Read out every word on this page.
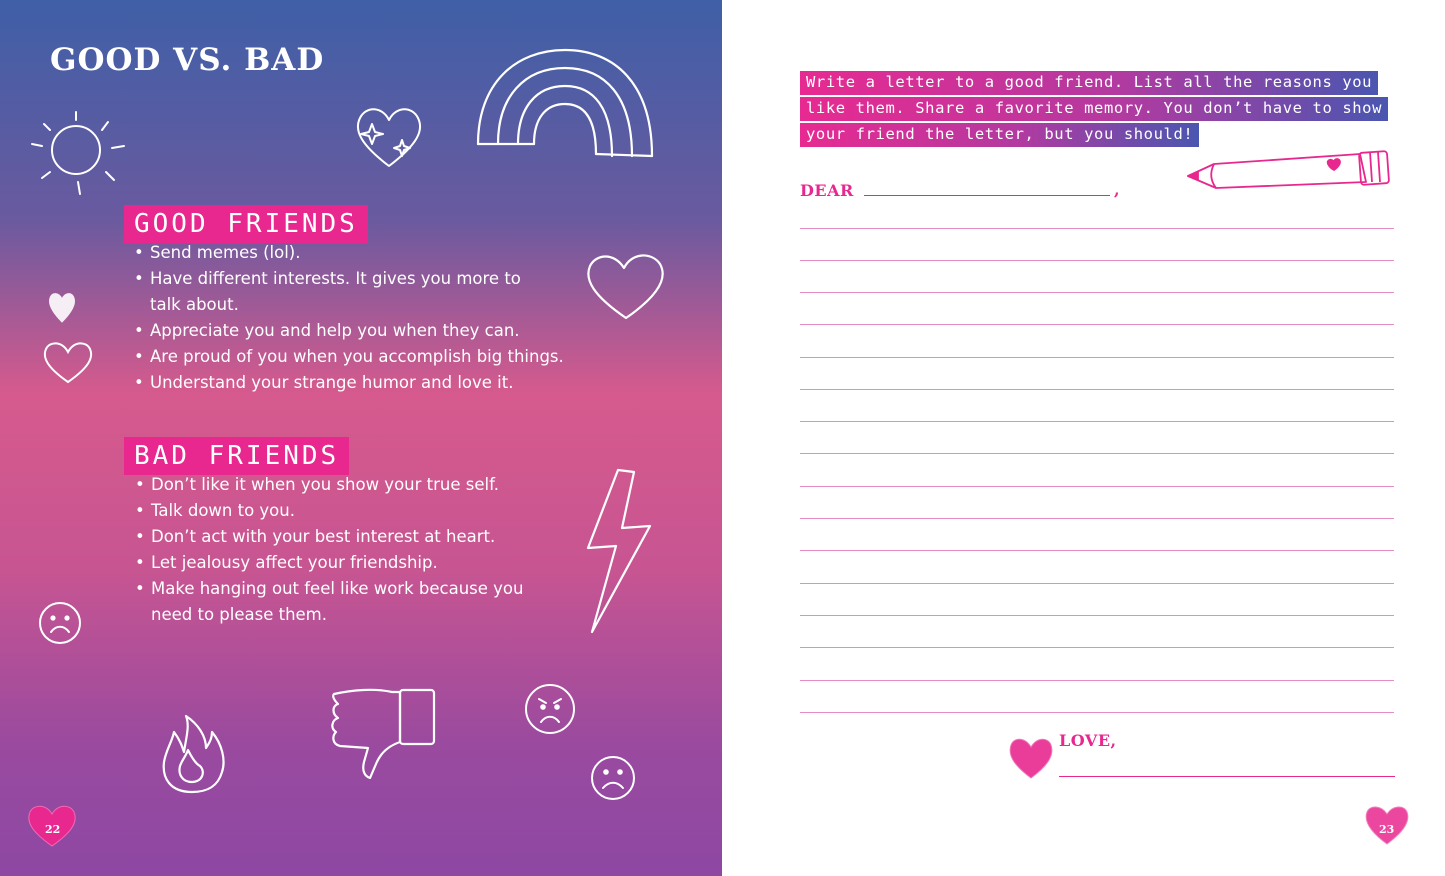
GOOD VS. BAD
GOOD FRIENDS
• Send memes (lol).
• Have different interests. It gives you more to talk about.
• Appreciate you and help you when they can.
• Are proud of you when you accomplish big things.
• Understand your strange humor and love it.
BAD FRIENDS
• Don’t like it when you show your true self.
• Talk down to you.
• Don’t act with your best interest at heart.
• Let jealousy affect your friendship.
• Make hanging out feel like work because you need to please them.
22
Write a letter to a good friend. List all the reasons you like them. Share a favorite memory. You don’t have to show your friend the letter, but you should!
DEAR	,
LOVE,
23
